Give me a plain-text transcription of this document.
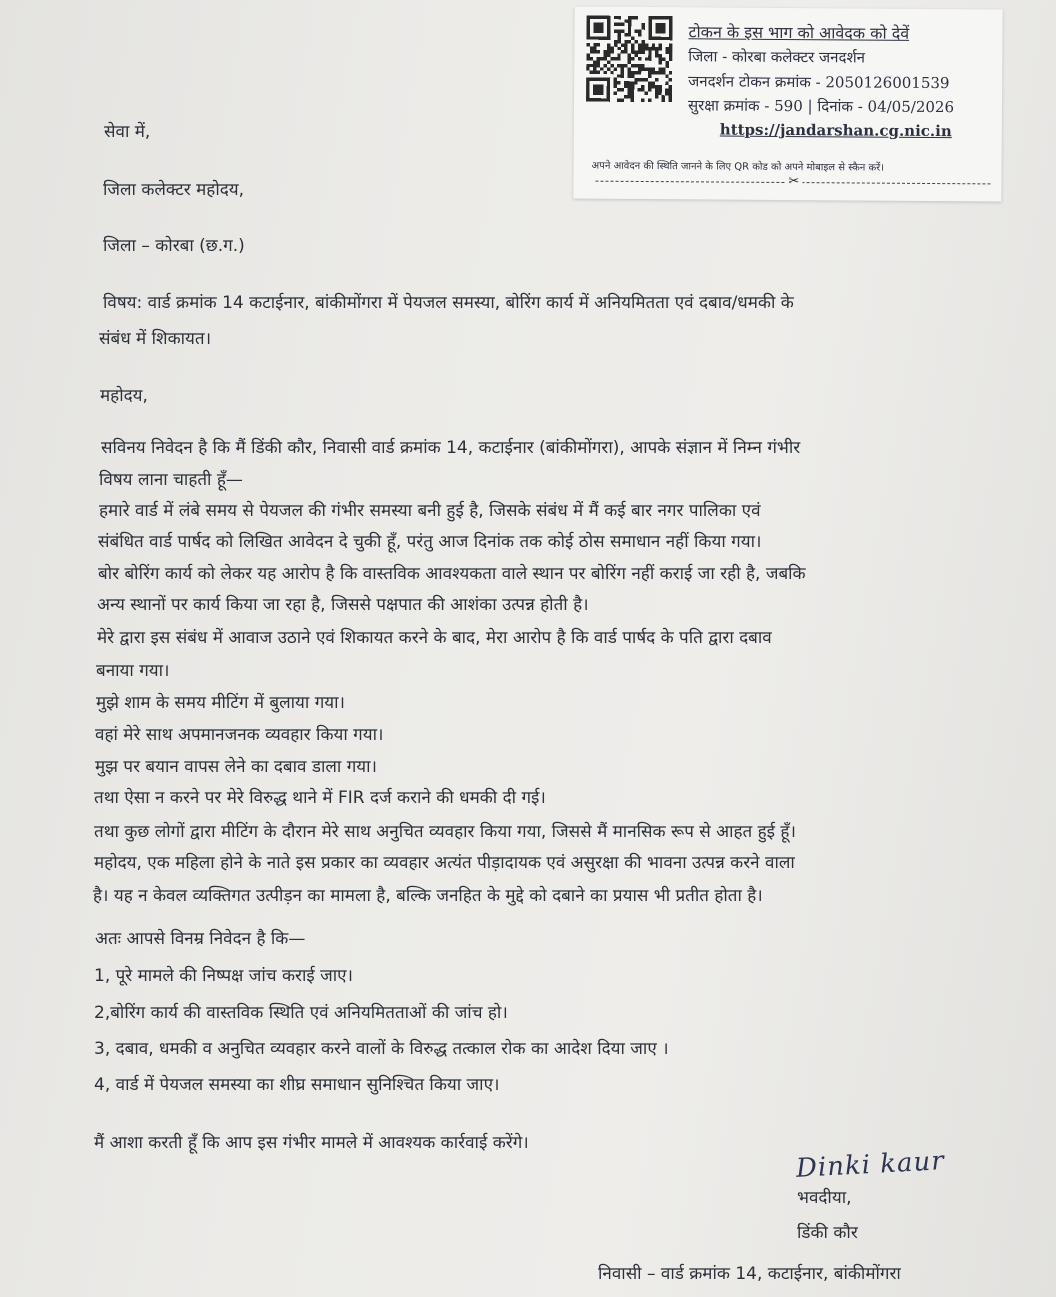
टोकन के इस भाग को आवेदक को देवें
जिला - कोरबा कलेक्टर जनदर्शन
जनदर्शन टोकन क्रमांक - 2050126001539
सुरक्षा क्रमांक - 590 | दिनांक - 04/05/2026
https://jandarshan.cg.nic.in
अपने आवेदन की स्थिति जानने के लिए QR कोड को अपने मोबाइल से स्कैन करें।
✂
सेवा में,
जिला कलेक्टर महोदय,
जिला – कोरबा (छ.ग.)
विषय: वार्ड क्रमांक 14 कटाईनार, बांकीमोंगरा में पेयजल समस्या, बोरिंग कार्य में अनियमितता एवं दबाव/धमकी के
संबंध में शिकायत।
महोदय,
सविनय निवेदन है कि मैं डिंकी कौर, निवासी वार्ड क्रमांक 14, कटाईनार (बांकीमोंगरा), आपके संज्ञान में निम्न गंभीर
विषय लाना चाहती हूँ—
हमारे वार्ड में लंबे समय से पेयजल की गंभीर समस्या बनी हुई है, जिसके संबंध में मैं कई बार नगर पालिका एवं
संबंधित वार्ड पार्षद को लिखित आवेदन दे चुकी हूँ, परंतु आज दिनांक तक कोई ठोस समाधान नहीं किया गया।
बोर बोरिंग कार्य को लेकर यह आरोप है कि वास्तविक आवश्यकता वाले स्थान पर बोरिंग नहीं कराई जा रही है, जबकि
अन्य स्थानों पर कार्य किया जा रहा है, जिससे पक्षपात की आशंका उत्पन्न होती है।
मेरे द्वारा इस संबंध में आवाज उठाने एवं शिकायत करने के बाद, मेरा आरोप है कि वार्ड पार्षद के पति द्वारा दबाव
बनाया गया।
मुझे शाम के समय मीटिंग में बुलाया गया।
वहां मेरे साथ अपमानजनक व्यवहार किया गया।
मुझ पर बयान वापस लेने का दबाव डाला गया।
तथा ऐसा न करने पर मेरे विरुद्ध थाने में FIR दर्ज कराने की धमकी दी गई।
तथा कुछ लोगों द्वारा मीटिंग के दौरान मेरे साथ अनुचित व्यवहार किया गया, जिससे मैं मानसिक रूप से आहत हुई हूँ।
महोदय, एक महिला होने के नाते इस प्रकार का व्यवहार अत्यंत पीड़ादायक एवं असुरक्षा की भावना उत्पन्न करने वाला
है। यह न केवल व्यक्तिगत उत्पीड़न का मामला है, बल्कि जनहित के मुद्दे को दबाने का प्रयास भी प्रतीत होता है।
अतः आपसे विनम्र निवेदन है कि—
1, पूरे मामले की निष्पक्ष जांच कराई जाए।
2,बोरिंग कार्य की वास्तविक स्थिति एवं अनियमितताओं की जांच हो।
3, दबाव, धमकी व अनुचित व्यवहार करने वालों के विरुद्ध तत्काल रोक का आदेश दिया जाए ।
4, वार्ड में पेयजल समस्या का शीघ्र समाधान सुनिश्चित किया जाए।
मैं आशा करती हूँ कि आप इस गंभीर मामले में आवश्यक कार्रवाई करेंगे।
Dinki kaur
भवदीया,
डिंकी कौर
निवासी – वार्ड क्रमांक 14, कटाईनार, बांकीमोंगरा
